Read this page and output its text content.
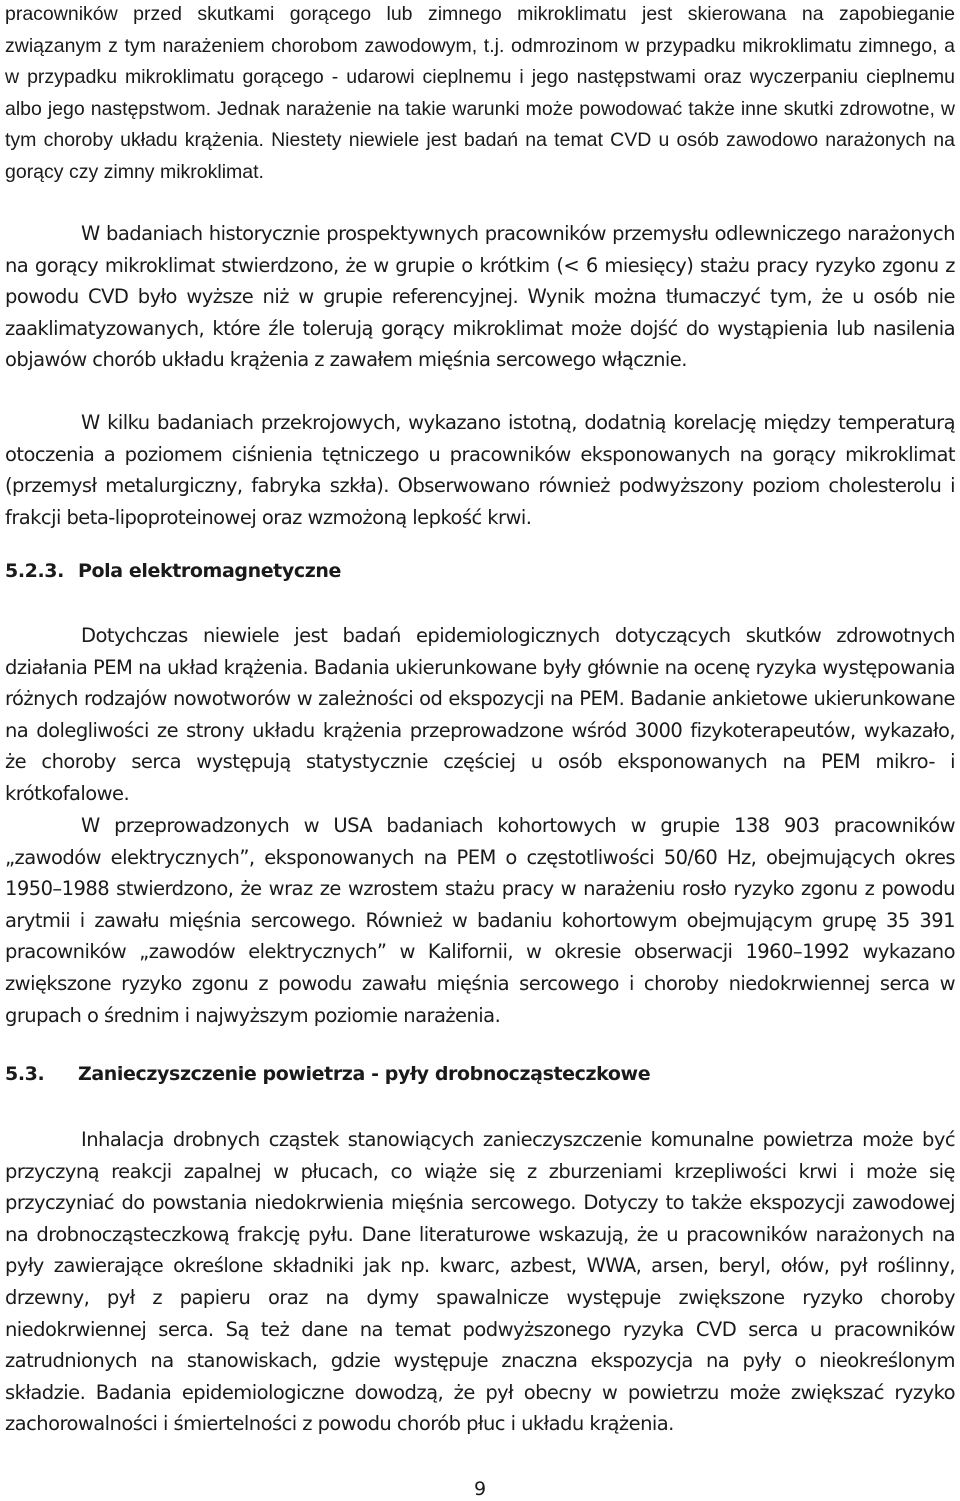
pracowników przed skutkami gorącego lub zimnego mikroklimatu jest skierowana na zapobieganie związanym z tym narażeniem chorobom zawodowym, t.j. odmrozinom w przypadku mikroklimatu zimnego, a w przypadku mikroklimatu gorącego - udarowi cieplnemu i jego następstwami oraz wyczerpaniu cieplnemu albo jego następstwom. Jednak narażenie na takie warunki może powodować także inne skutki zdrowotne, w tym choroby układu krążenia. Niestety niewiele jest badań na temat CVD u osób zawodowo narażonych na gorący czy zimny mikroklimat.

W badaniach historycznie prospektywnych pracowników przemysłu odlewniczego narażonych na gorący mikroklimat stwierdzono, że w grupie o krótkim (< 6 miesięcy) stażu pracy ryzyko zgonu z powodu CVD było wyższe niż w grupie referencyjnej. Wynik można tłumaczyć tym, że u osób nie zaaklimatyzowanych, które źle tolerują gorący mikroklimat może dojść do wystąpienia lub nasilenia objawów chorób układu krążenia z zawałem mięśnia sercowego włącznie.

W kilku badaniach przekrojowych, wykazano istotną, dodatnią korelację między temperaturą otoczenia a poziomem ciśnienia tętniczego u pracowników eksponowanych na gorący mikroklimat (przemysł metalurgiczny, fabryka szkła). Obserwowano również podwyższony poziom cholesterolu i frakcji beta-lipoproteinowej oraz wzmożoną lepkość krwi.

5.2.3. Pola elektromagnetyczne

Dotychczas niewiele jest badań epidemiologicznych dotyczących skutków zdrowotnych działania PEM na układ krążenia. Badania ukierunkowane były głównie na ocenę ryzyka występowania różnych rodzajów nowotworów w zależności od ekspozycji na PEM. Badanie ankietowe ukierunkowane na dolegliwości ze strony układu krążenia przeprowadzone wśród 3000 fizykoterapeutów, wykazało, że choroby serca występują statystycznie częściej u osób eksponowanych na PEM mikro- i krótkofalowe.

W przeprowadzonych w USA badaniach kohortowych w grupie 138 903 pracowników „zawodów elektrycznych”, eksponowanych na PEM o częstotliwości 50/60 Hz, obejmujących okres 1950–1988 stwierdzono, że wraz ze wzrostem stażu pracy w narażeniu rosło ryzyko zgonu z powodu arytmii i zawału mięśnia sercowego. Również w badaniu kohortowym obejmującym grupę 35 391 pracowników „zawodów elektrycznych” w Kalifornii, w okresie obserwacji 1960–1992 wykazano zwiększone ryzyko zgonu z powodu zawału mięśnia sercowego i choroby niedokrwiennej serca w grupach o średnim i najwyższym poziomie narażenia.

5.3. Zanieczyszczenie powietrza - pyły drobnocząsteczkowe

Inhalacja drobnych cząstek stanowiących zanieczyszczenie komunalne powietrza może być przyczyną reakcji zapalnej w płucach, co wiąże się z zburzeniami krzepliwości krwi i może się przyczyniać do powstania niedokrwienia mięśnia sercowego. Dotyczy to także ekspozycji zawodowej na drobnocząsteczkową frakcję pyłu. Dane literaturowe wskazują, że u pracowników narażonych na pyły zawierające określone składniki jak np. kwarc, azbest, WWA, arsen, beryl, ołów, pył roślinny, drzewny, pył z papieru oraz na dymy spawalnicze występuje zwiększone ryzyko choroby niedokrwiennej serca. Są też dane na temat podwyższonego ryzyka CVD serca u pracowników zatrudnionych na stanowiskach, gdzie występuje znaczna ekspozycja na pyły o nieokreślonym składzie. Badania epidemiologiczne dowodzą, że pył obecny w powietrzu może zwiększać ryzyko zachorowalności i śmiertelności z powodu chorób płuc i układu krążenia.

9
